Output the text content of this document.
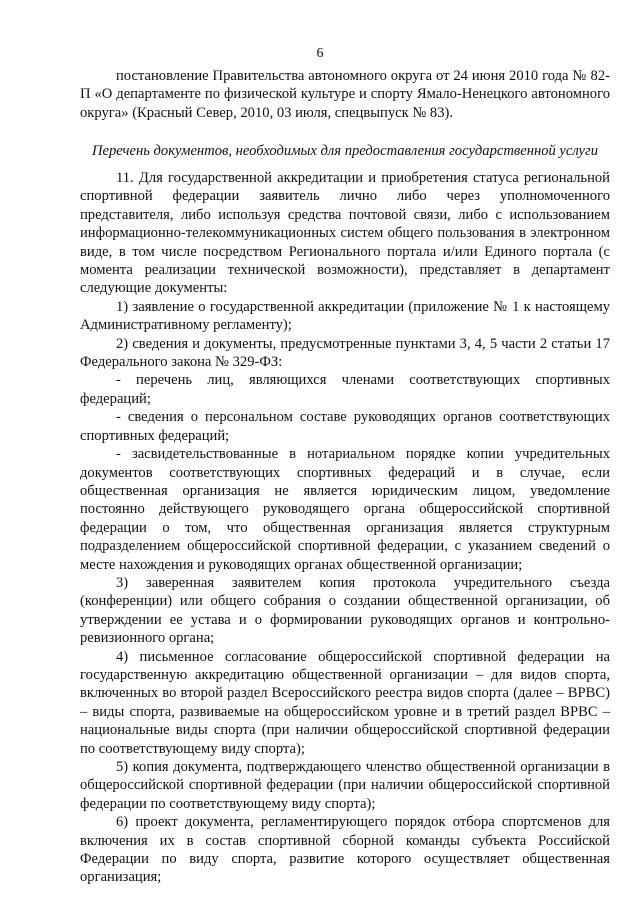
6

постановление Правительства автономного округа от 24 июня 2010 года № 82-П «О департаменте по физической культуре и спорту Ямало-Ненецкого автономного округа» (Красный Север, 2010, 03 июля, спецвыпуск № 83).

Перечень документов, необходимых для предоставления государственной услуги

11. Для государственной аккредитации и приобретения статуса региональной спортивной федерации заявитель лично либо через уполномоченного представителя, либо используя средства почтовой связи, либо с использованием информационно-телекоммуникационных систем общего пользования в электронном виде, в том числе посредством Регионального портала и/или Единого портала (с момента реализации технической возможности), представляет в департамент следующие документы:

1) заявление о государственной аккредитации (приложение № 1 к настоящему Административному регламенту);

2) сведения и документы, предусмотренные пунктами 3, 4, 5 части 2 статьи 17 Федерального закона № 329-ФЗ:

- перечень лиц, являющихся членами соответствующих спортивных федераций;

- сведения о персональном составе руководящих органов соответствующих спортивных федераций;

- засвидетельствованные в нотариальном порядке копии учредительных документов соответствующих спортивных федераций и в случае, если общественная организация не является юридическим лицом, уведомление постоянно действующего руководящего органа общероссийской спортивной федерации о том, что общественная организация является структурным подразделением общероссийской спортивной федерации, с указанием сведений о месте нахождения и руководящих органах общественной организации;

3) заверенная заявителем копия протокола учредительного съезда (конференции) или общего собрания о создании общественной организации, об утверждении ее устава и о формировании руководящих органов и контрольно-ревизионного органа;

4) письменное согласование общероссийской спортивной федерации на государственную аккредитацию общественной организации – для видов спорта, включенных во второй раздел Всероссийского реестра видов спорта (далее – ВРВС) – виды спорта, развиваемые на общероссийском уровне и в третий раздел ВРВС – национальные виды спорта (при наличии общероссийской спортивной федерации по соответствующему виду спорта);

5) копия документа, подтверждающего членство общественной организации в общероссийской спортивной федерации (при наличии общероссийской спортивной федерации по соответствующему виду спорта);

6) проект документа, регламентирующего порядок отбора спортсменов для включения их в состав спортивной сборной команды субъекта Российской Федерации по виду спорта, развитие которого осуществляет общественная организация;
